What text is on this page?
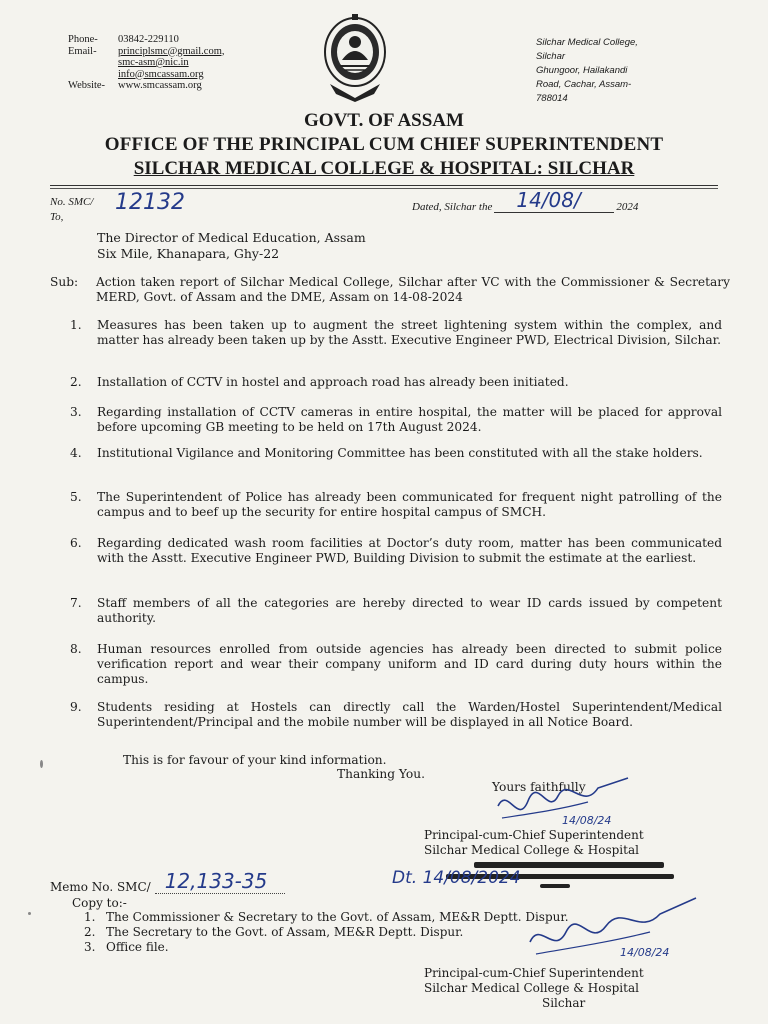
Phone-	03842-229110
Email-	principlsmc@gmail.com,
smc-asm@nic.in
info@smcassam.org
Website-	www.smcassam.org
Silchar Medical College,
Silchar
Ghungoor, Hailakandi
Road, Cachar, Assam-
788014
GOVT. OF ASSAM
OFFICE OF THE PRINCIPAL CUM CHIEF SUPERINTENDENT
SILCHAR MEDICAL COLLEGE & HOSPITAL: SILCHAR
No. SMC/ 12132
To,
Dated, Silchar the 14/08/	2024
The Director of Medical Education, Assam
Six Mile, Khanapara, Ghy-22
Sub:	Action taken report of Silchar Medical College, Silchar after VC with the Commissioner & Secretary MERD, Govt. of Assam and the DME, Assam on 14-08-2024
1.	Measures has been taken up to augment the street lightening system within the complex, and matter has already been taken up by the Asstt. Executive Engineer PWD, Electrical Division, Silchar.
2.	Installation of CCTV in hostel and approach road has already been initiated.
3.	Regarding installation of CCTV cameras in entire hospital, the matter will be placed for approval before upcoming GB meeting to be held on 17th August 2024.
4.	Institutional Vigilance and Monitoring Committee has been constituted with all the stake holders.
5.	The Superintendent of Police has already been communicated for frequent night patrolling of the campus and to beef up the security for entire hospital campus of SMCH.
6.	Regarding dedicated wash room facilities at Doctor’s duty room, matter has been communicated with the Asstt. Executive Engineer PWD, Building Division to submit the estimate at the earliest.
7.	Staff members of all the categories are hereby directed to wear ID cards issued by competent authority.
8.	Human resources enrolled from outside agencies has already been directed to submit police verification report and wear their company uniform and ID card during duty hours within the campus.
9.	Students residing at Hostels can directly call the Warden/Hostel Superintendent/Medical Superintendent/Principal and the mobile number will be displayed in all Notice Board.
This is for favour of your kind information.
Thanking You.
Yours faithfully
14/08/24
Principal-cum-Chief Superintendent
Silchar Medical College & Hospital
Memo No. SMC/ 12,133-35	Dt. 14/08/2024
Copy to:-
1. The Commissioner & Secretary to the Govt. of Assam, ME&R Deptt. Dispur.
2. The Secretary to the Govt. of Assam, ME&R Deptt. Dispur.
3. Office file.	14/08/24
Principal-cum-Chief Superintendent
Silchar Medical College & Hospital
Silchar
